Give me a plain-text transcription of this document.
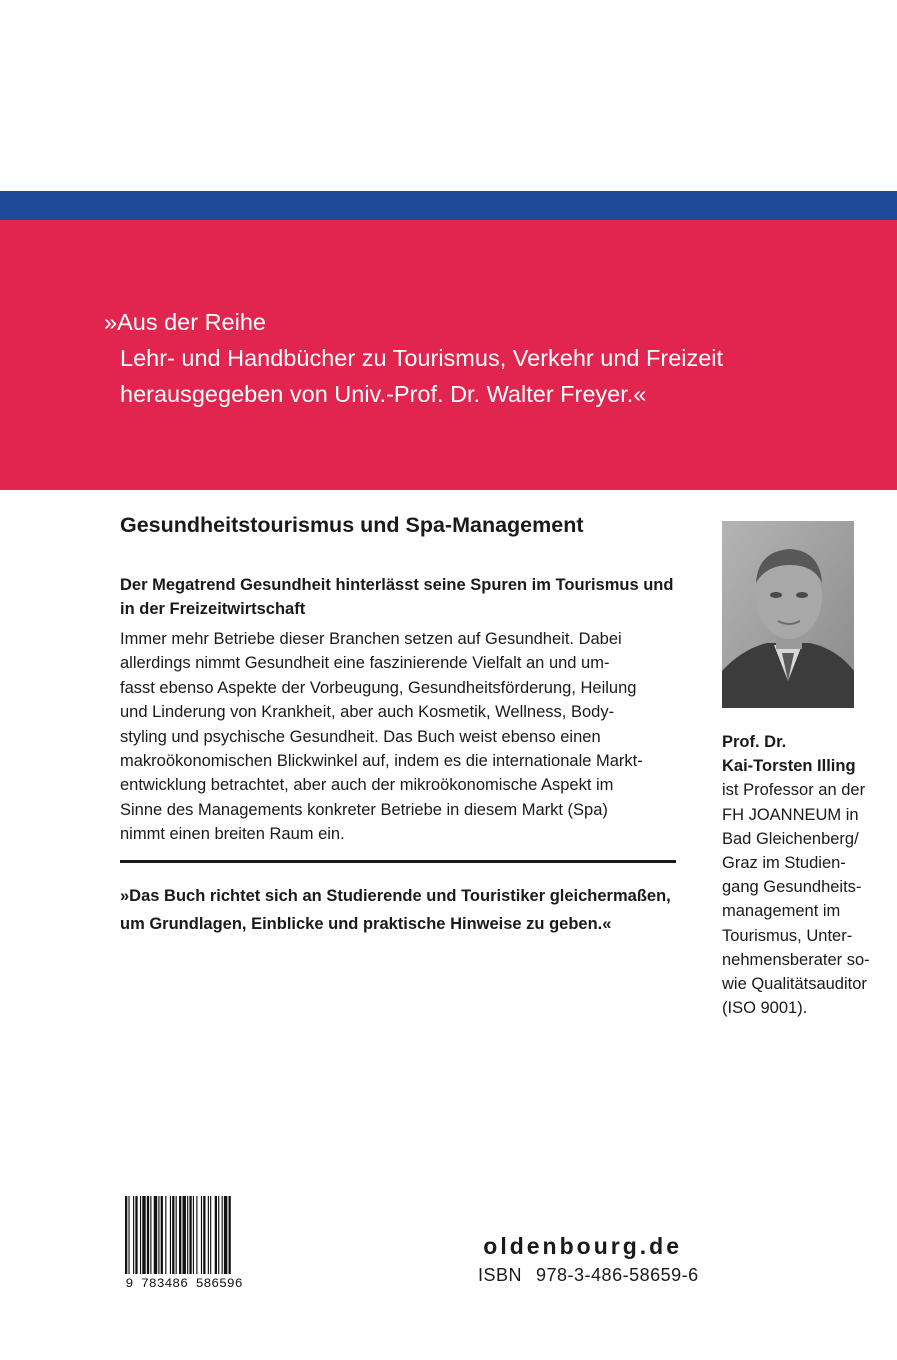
»Aus der Reihe
Lehr- und Handbücher zu Tourismus, Verkehr und Freizeit
herausgegeben von Univ.-Prof. Dr. Walter Freyer.«
Gesundheitstourismus und Spa-Management
Der Megatrend Gesundheit hinterlässt seine Spuren im Tourismus und in der Freizeitwirtschaft
Immer mehr Betriebe dieser Branchen setzen auf Gesundheit. Dabei
allerdings nimmt Gesundheit eine faszinierende Vielfalt an und um-
fasst ebenso Aspekte der Vorbeugung, Gesundheitsförderung, Heilung
und Linderung von Krankheit, aber auch Kosmetik, Wellness, Body-
styling und psychische Gesundheit. Das Buch weist ebenso einen
makroökonomischen Blickwinkel auf, indem es die internationale Markt-
entwicklung betrachtet, aber auch der mikroökonomische Aspekt im
Sinne des Managements konkreter Betriebe in diesem Markt (Spa)
nimmt einen breiten Raum ein.
»Das Buch richtet sich an Studierende und Touristiker gleichermaßen,
um Grundlagen, Einblicke und praktische Hinweise zu geben.«
Prof. Dr.
Kai-Torsten Illing
ist Professor an der
FH JOANNEUM in
Bad Gleichenberg/
Graz im Studien-
gang Gesundheits-
management im
Tourismus, Unter-
nehmensberater so-
wie Qualitätsauditor
(ISO 9001).
9 783486 586596
oldenbourg.de
ISBN 978-3-486-58659-6
